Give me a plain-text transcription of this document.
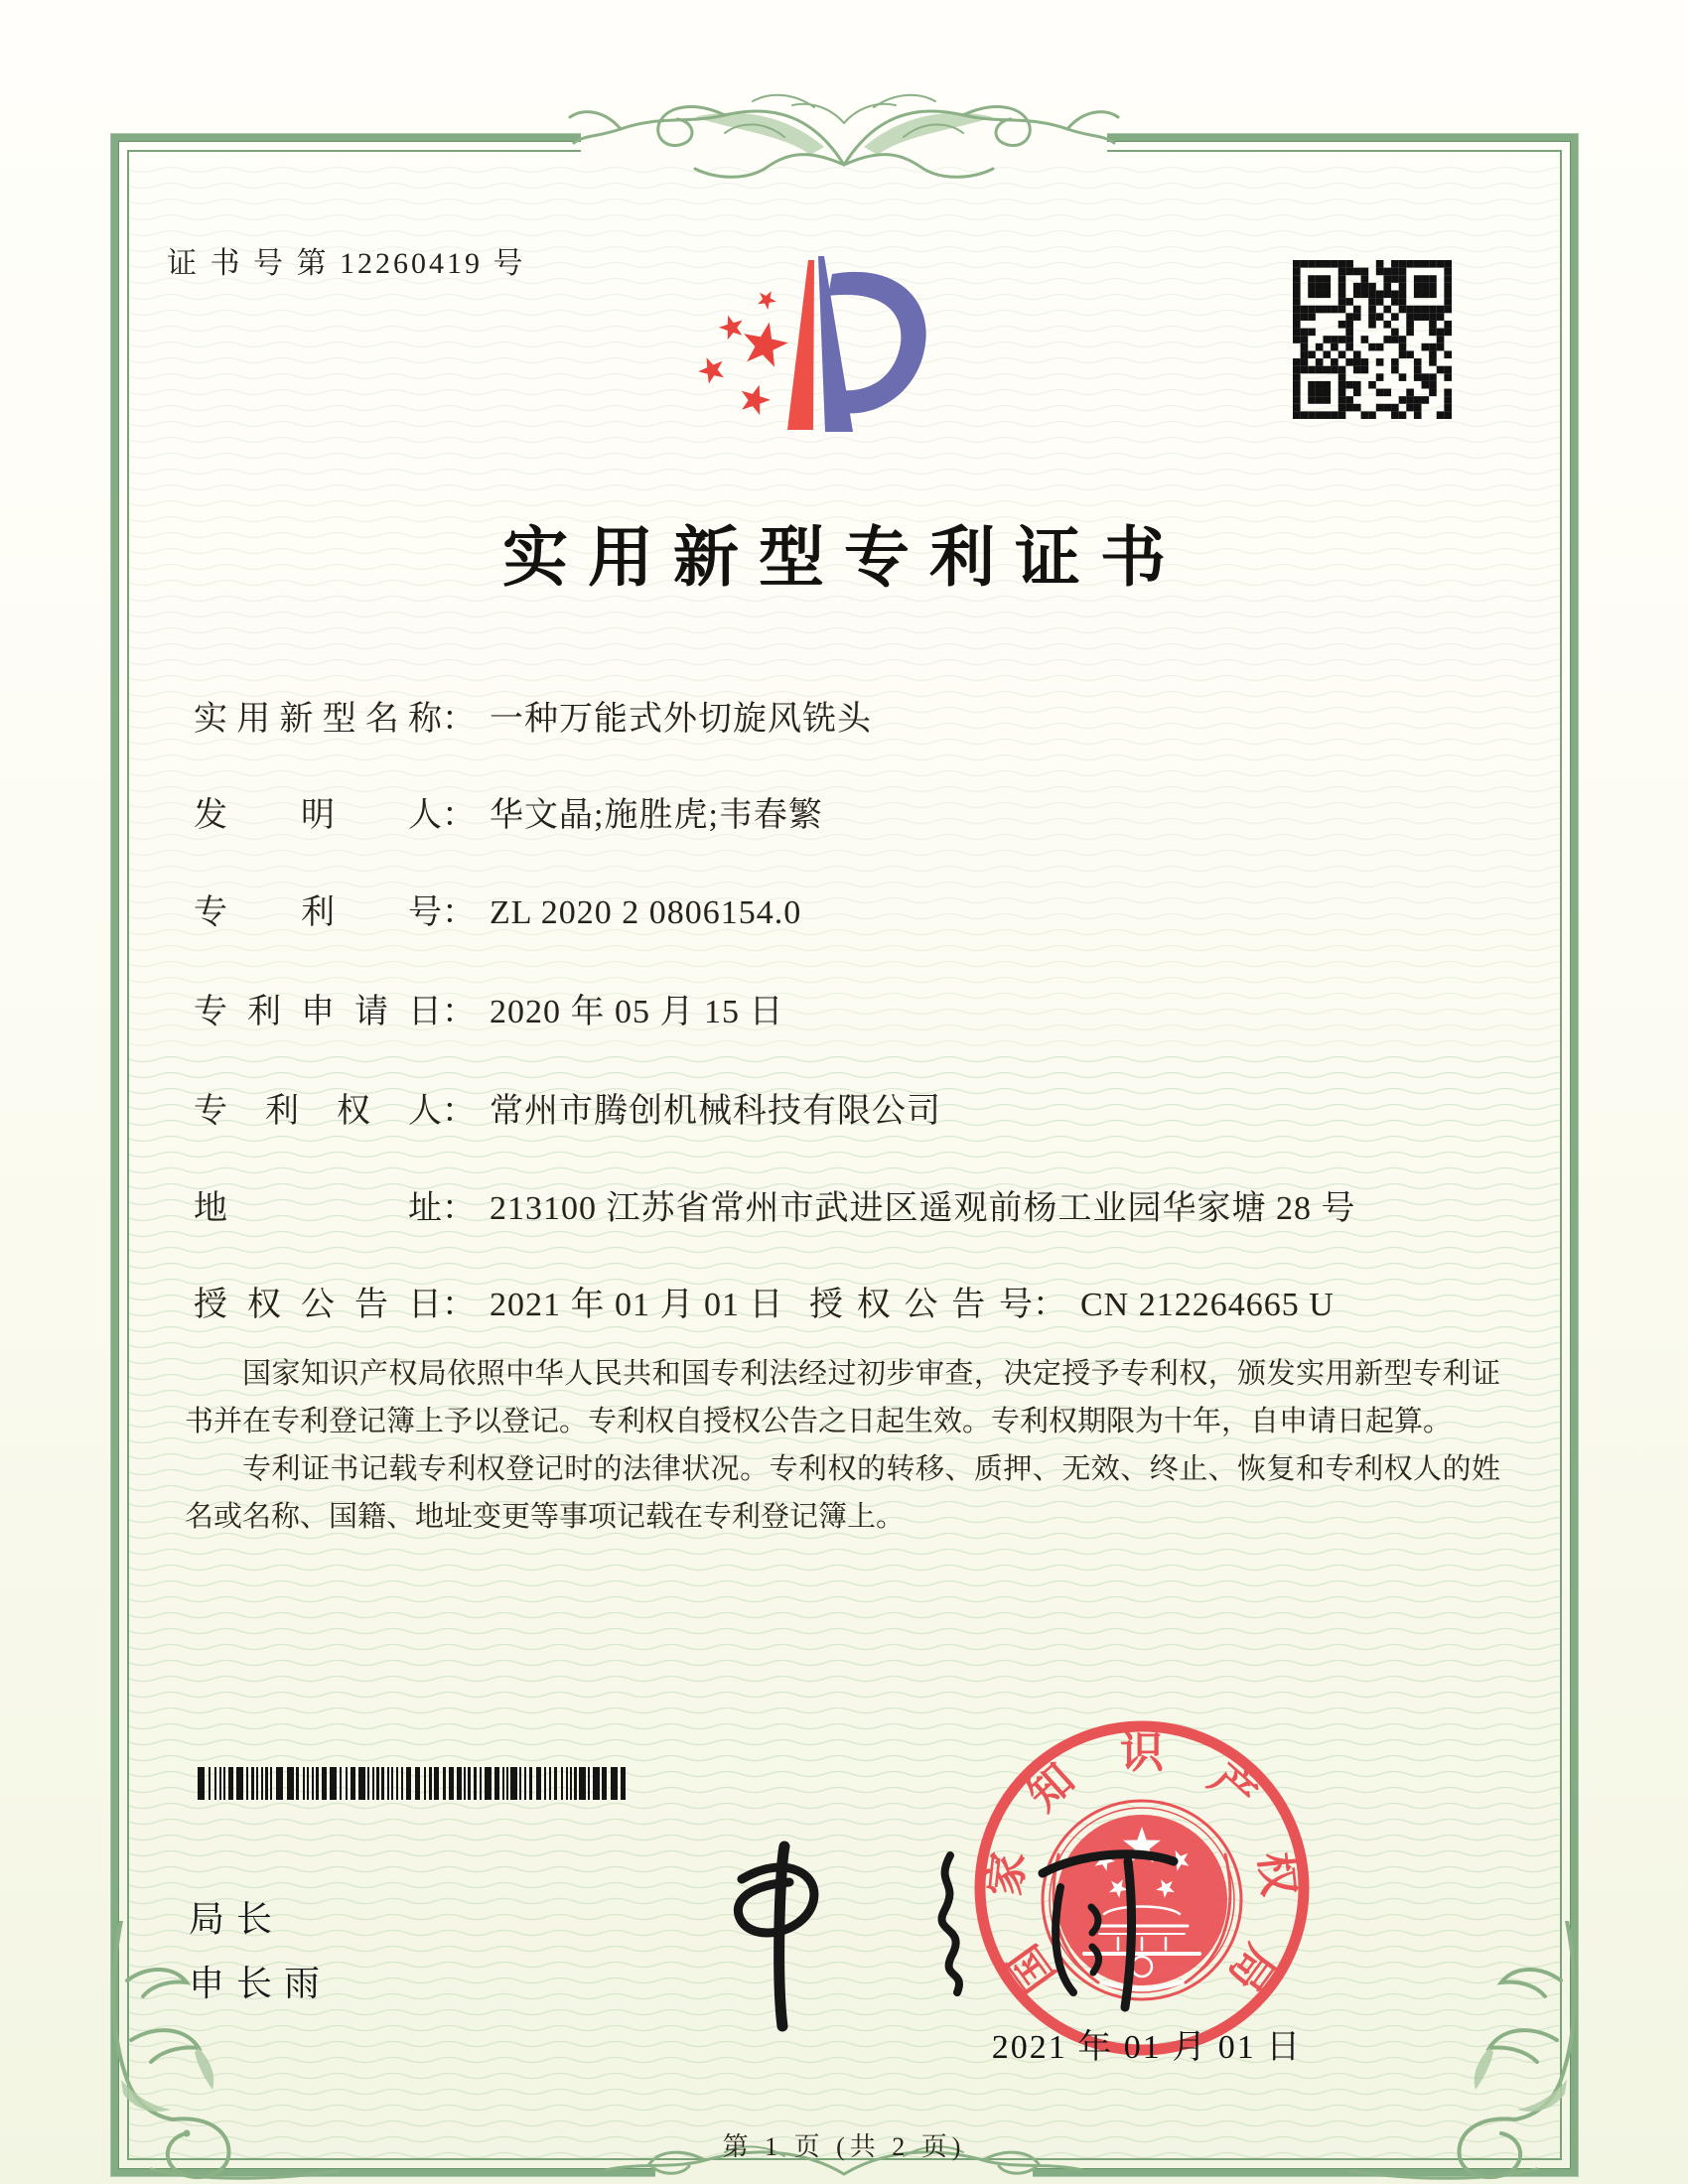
证 书 号 第 12260419 号
实用新型专利证书
实 用 新 型 名 称 ： 一种万能式外切旋风铣头
发 明 人 ： 华文晶;施胜虎;韦春繁
专 利 号 ： ZL 2020 2 0806154.0
专 利 申 请 日 ： 2020 年 05 月 15 日
专 利 权 人 ： 常州市腾创机械科技有限公司
地	址 ： 213100 江苏省常州市武进区遥观前杨工业园华家塘 28 号
授 权 公 告 日 ： 2021 年 01 月 01 日 授 权 公 告 号 ： CN 212264665 U

国家知识产权局依照中华人民共和国专利法经过初步审查，决定授予专利权，颁发实用新型专利证书并在专利登记簿上予以登记。专利权自授权公告之日起生效。专利权期限为十年，自申请日起算。

专利证书记载专利权登记时的法律状况。专利权的转移、质押、无效、终止、恢复和专利权人的姓名或名称、国籍、地址变更等事项记载在专利登记簿上。

局长
申长雨	国
家
知
识
产
权
局
2021 年 01 月 01 日
第 1 页 (共 2 页)
